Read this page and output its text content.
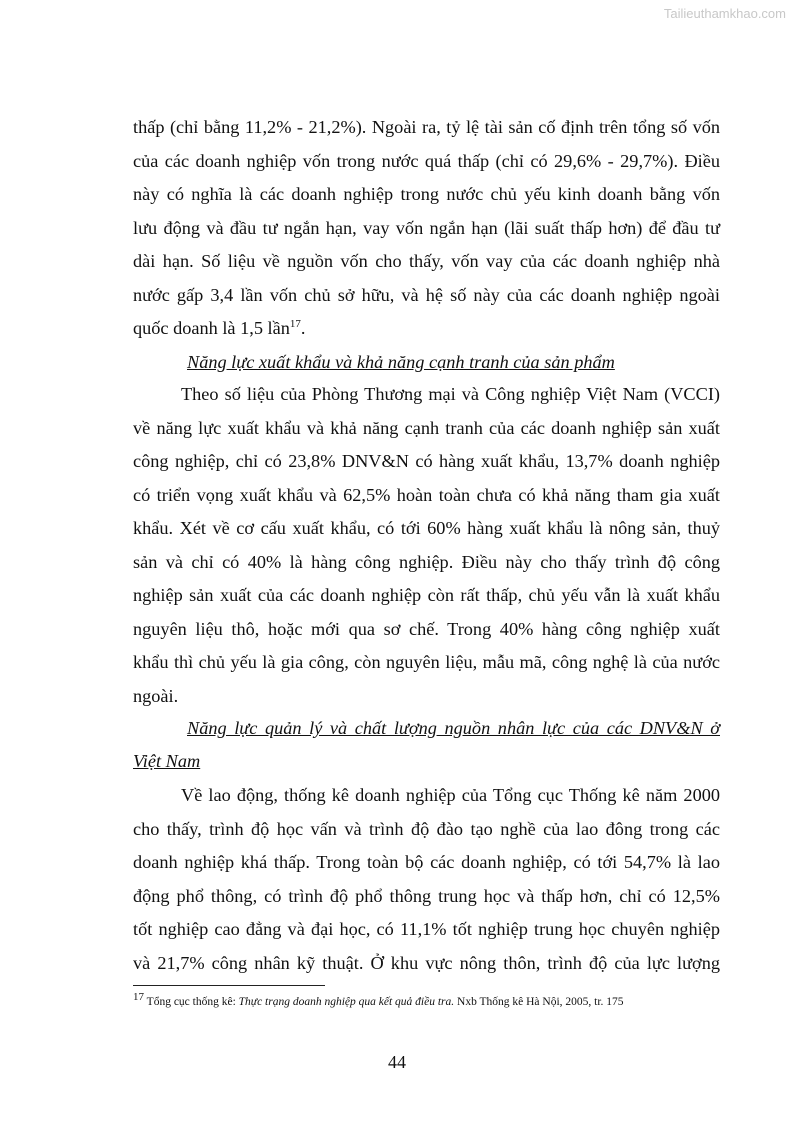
Tailieuthamkhao.com
thấp (chỉ bằng 11,2% - 21,2%). Ngoài ra, tỷ lệ tài sản cố định trên tổng số vốn
của các doanh nghiệp vốn trong nước quá thấp (chỉ có 29,6% - 29,7%). Điều
này có nghĩa là các doanh nghiệp trong nước chủ yếu kinh doanh bằng vốn
lưu động và đầu tư ngắn hạn, vay vốn ngắn hạn (lãi suất thấp hơn) để đầu tư
dài hạn. Số liệu về nguồn vốn cho thấy, vốn vay của các doanh nghiệp nhà
nước gấp 3,4 lần vốn chủ sở hữu, và hệ số này của các doanh nghiệp ngoài
quốc doanh là 1,5 lần$^{17}$.
Năng lực xuất khẩu và khả năng cạnh tranh của sản phẩm
Theo số liệu của Phòng Thương mại và Công nghiệp Việt Nam (VCCI)
về năng lực xuất khẩu và khả năng cạnh tranh của các doanh nghiệp sản xuất
công nghiệp, chỉ có 23,8% DNV&N có hàng xuất khẩu, 13,7% doanh nghiệp
có triển vọng xuất khẩu và 62,5% hoàn toàn chưa có khả năng tham gia xuất
khẩu. Xét về cơ cấu xuất khẩu, có tới 60% hàng xuất khẩu là nông sản, thuỷ
sản và chỉ có 40% là hàng công nghiệp. Điều này cho thấy trình độ công
nghiệp sản xuất của các doanh nghiệp còn rất thấp, chủ yếu vẫn là xuất khẩu
nguyên liệu thô, hoặc mới qua sơ chế. Trong 40% hàng công nghiệp xuất
khẩu thì chủ yếu là gia công, còn nguyên liệu, mẫu mã, công nghệ là của nước
ngoài.
Năng lực quản lý và chất lượng nguồn nhân lực của các DNV&N ở
Việt Nam
Về lao động, thống kê doanh nghiệp của Tổng cục Thống kê năm 2000
cho thấy, trình độ học vấn và trình độ đào tạo nghề của lao đông trong các
doanh nghiệp khá thấp. Trong toàn bộ các doanh nghiệp, có tới 54,7% là lao
động phổ thông, có trình độ phổ thông trung học và thấp hơn, chỉ có 12,5%
tốt nghiệp cao đẳng và đại học, có 11,1% tốt nghiệp trung học chuyên nghiệp
và 21,7% công nhân kỹ thuật. Ở khu vực nông thôn, trình độ của lực lượng
$^{17}$ Tổng cục thống kê: Thực trạng doanh nghiệp qua kết quả điều tra. Nxb Thống kê Hà Nội, 2005, tr. 175
44
